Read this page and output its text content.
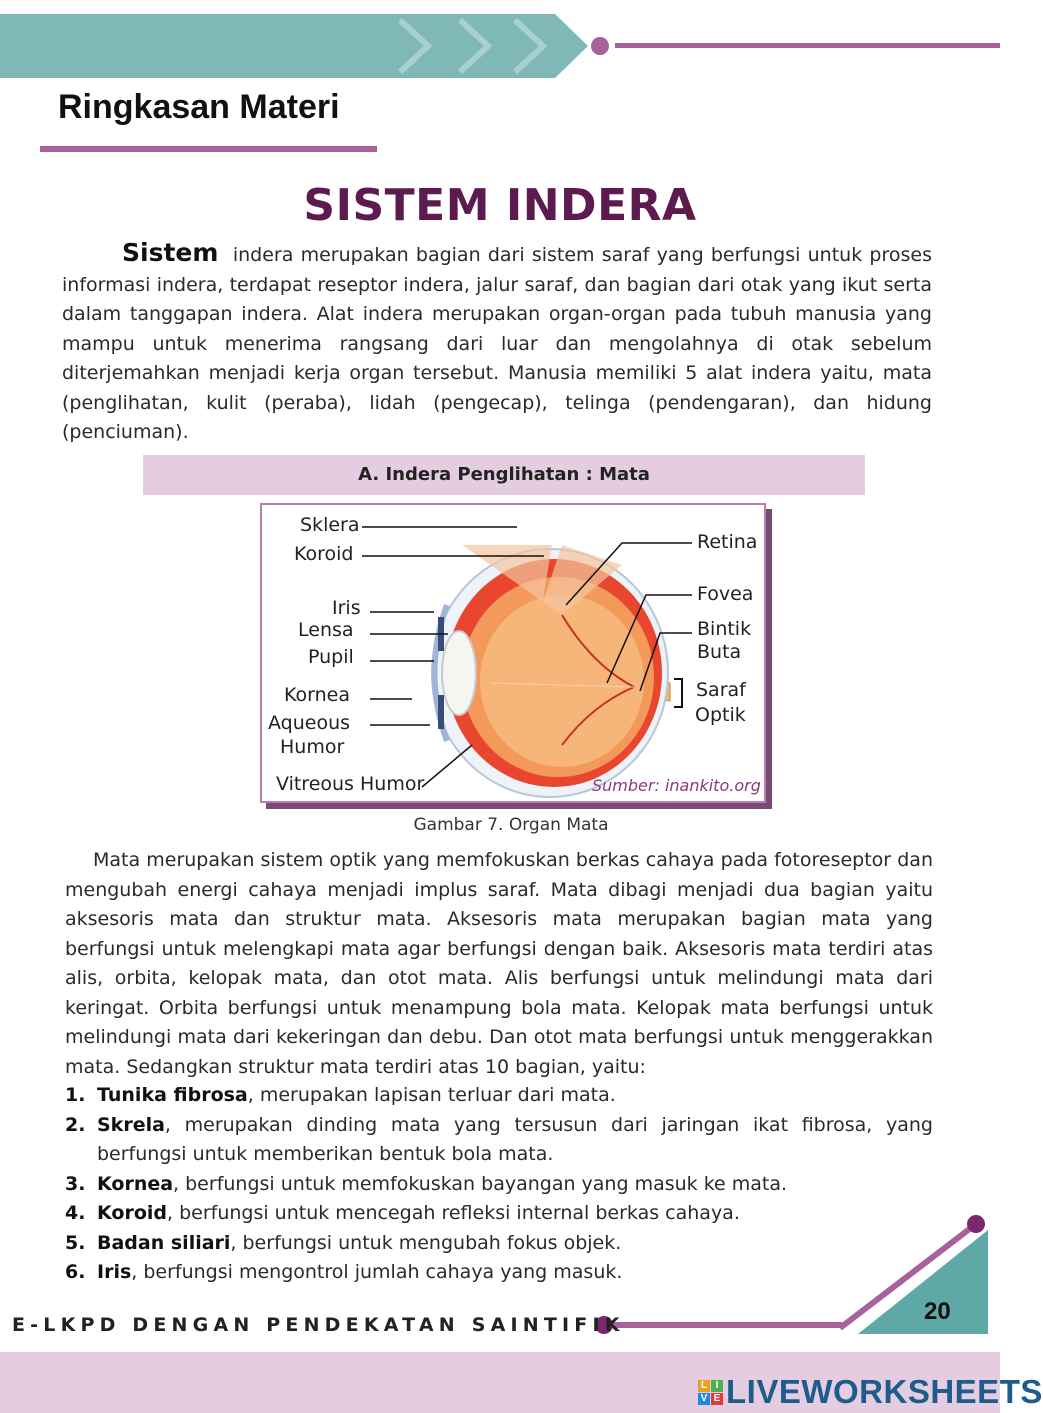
Ringkasan Materi
SISTEM INDERA
Sistem indera merupakan bagian dari sistem saraf yang berfungsi untuk proses informasi indera, terdapat reseptor indera, jalur saraf, dan bagian dari otak yang ikut serta dalam tanggapan indera. Alat indera merupakan organ-organ pada tubuh manusia yang mampu untuk menerima rangsang dari luar dan mengolahnya di otak sebelum diterjemahkan menjadi kerja organ tersebut. Manusia memiliki 5 alat indera yaitu, mata (penglihatan, kulit (peraba), lidah (pengecap), telinga (pendengaran), dan hidung (penciuman).
A. Indera Penglihatan : Mata
Sklera
Koroid
Iris
Lensa
Pupil
Kornea
Aqueous
Humor
Vitreous Humor
Retina
Fovea
Bintik
Buta
Saraf
Optik
Sumber: inankito.org
Gambar 7. Organ Mata
Mata merupakan sistem optik yang memfokuskan berkas cahaya pada fotoreseptor dan mengubah energi cahaya menjadi implus saraf. Mata dibagi menjadi dua bagian yaitu aksesoris mata dan struktur mata. Aksesoris mata merupakan bagian mata yang berfungsi untuk melengkapi mata agar berfungsi dengan baik. Aksesoris mata terdiri atas alis, orbita, kelopak mata, dan otot mata. Alis berfungsi untuk melindungi mata dari keringat. Orbita berfungsi untuk menampung bola mata. Kelopak mata berfungsi untuk melindungi mata dari kekeringan dan debu. Dan otot mata berfungsi untuk menggerakkan mata. Sedangkan struktur mata terdiri atas 10 bagian, yaitu:
1. Tunika fibrosa, merupakan lapisan terluar dari mata.
2. Skrela, merupakan dinding mata yang tersusun dari jaringan ikat fibrosa, yang berfungsi untuk memberikan bentuk bola mata.
3. Kornea, berfungsi untuk memfokuskan bayangan yang masuk ke mata.
4. Koroid, berfungsi untuk mencegah refleksi internal berkas cahaya.
5. Badan siliari, berfungsi untuk mengubah fokus objek.
6. Iris, berfungsi mengontrol jumlah cahaya yang masuk.
20
E-LKPD DENGAN PENDEKATAN SAINTIFIK
L I
V E LIVEWORKSHEETS
